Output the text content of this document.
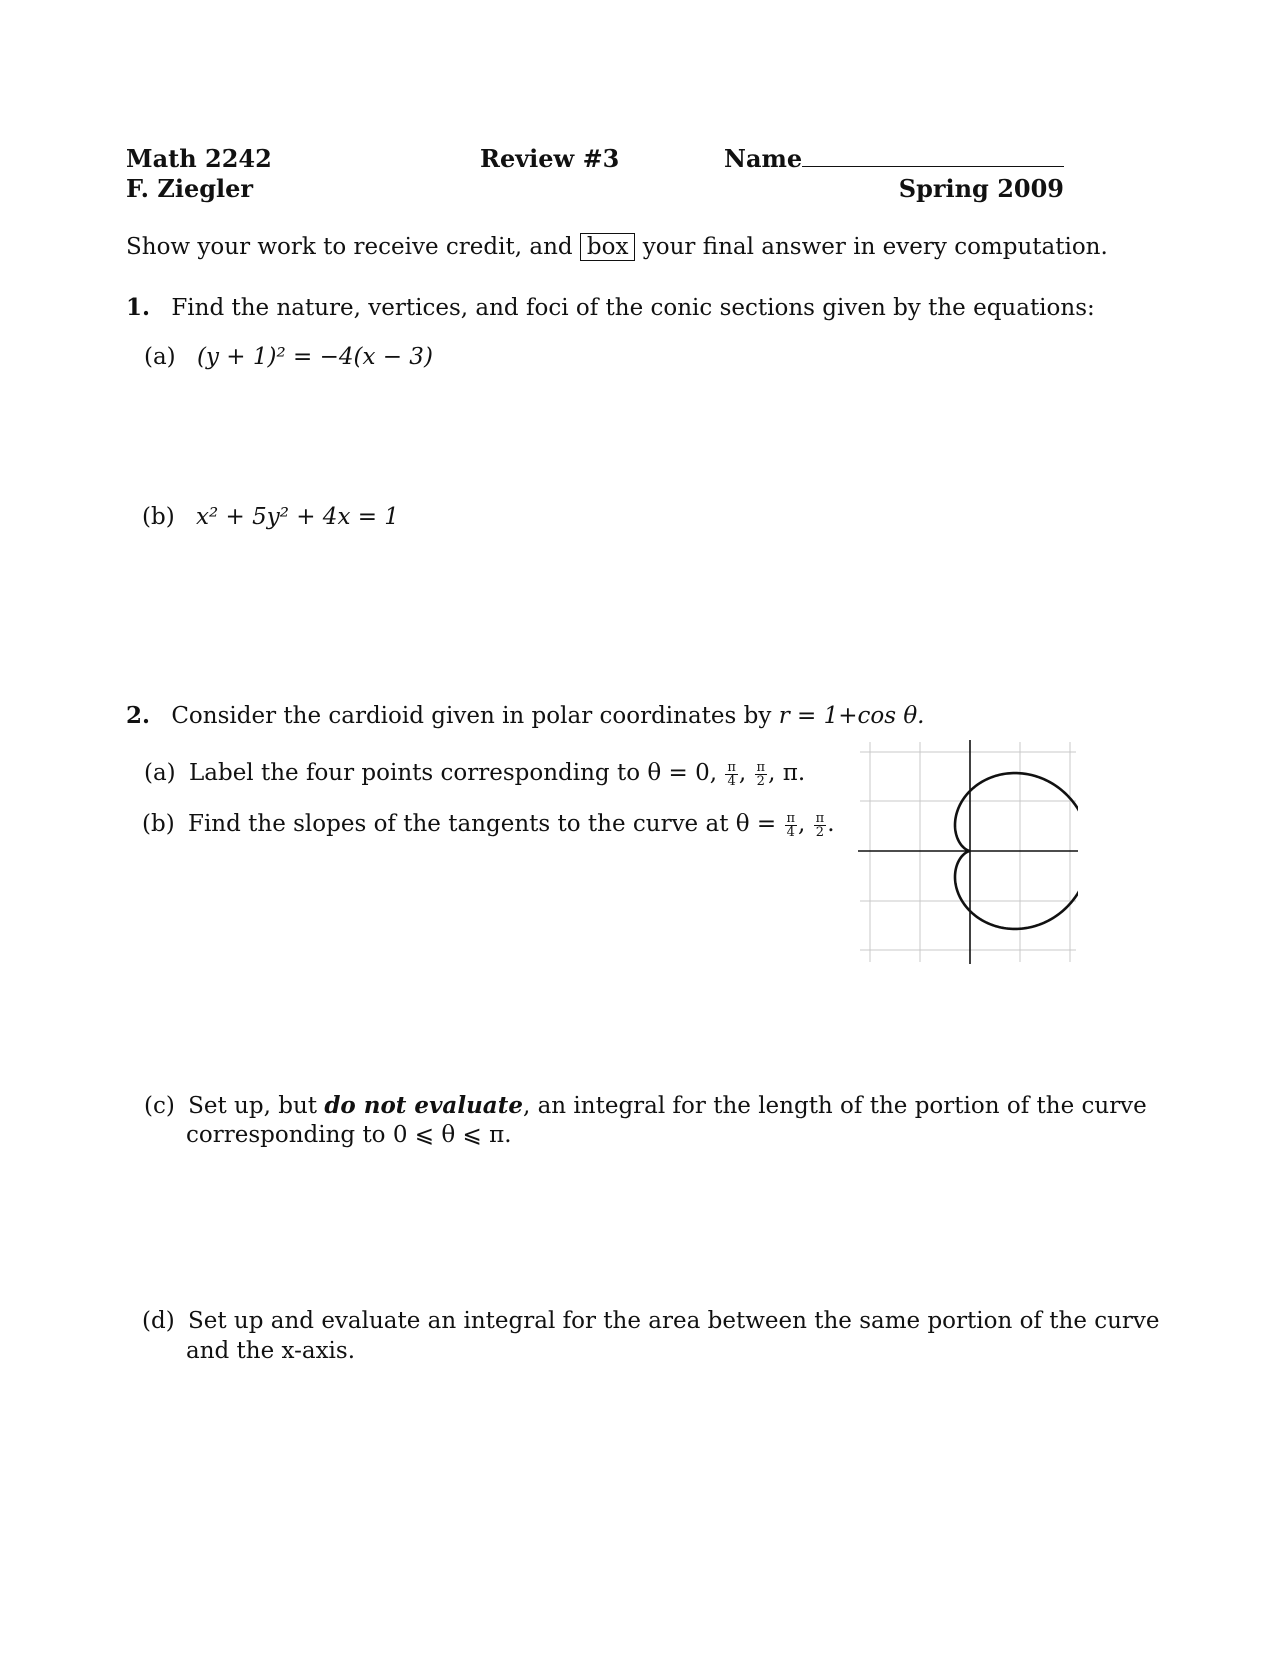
Math 2242
F. Ziegler
Review #3	Name
Spring 2009
Show your work to receive credit, and box your final answer in every computation.
1. Find the nature, vertices, and foci of the conic sections given by the equations:
(a) (y + 1)² = −4(x − 3)
(b) x² + 5y² + 4x = 1
2. Consider the cardioid given in polar coordinates by r = 1+cos θ.
(a) Label the four points corresponding to θ = 0, $\frac{\pi}{4}$ , $\frac{\pi}{2}$ , π.
(b) Find the slopes of the tangents to the curve at $\theta = \frac{\pi}{4}$ , $\frac{\pi}{2}$ .
(c) Set up, but do not evaluate, an integral for the length of the portion of the curve
corresponding to 0 ⩽ θ ⩽ π.
(d) Set up and evaluate an integral for the area between the same portion of the curve
and the x-axis.
